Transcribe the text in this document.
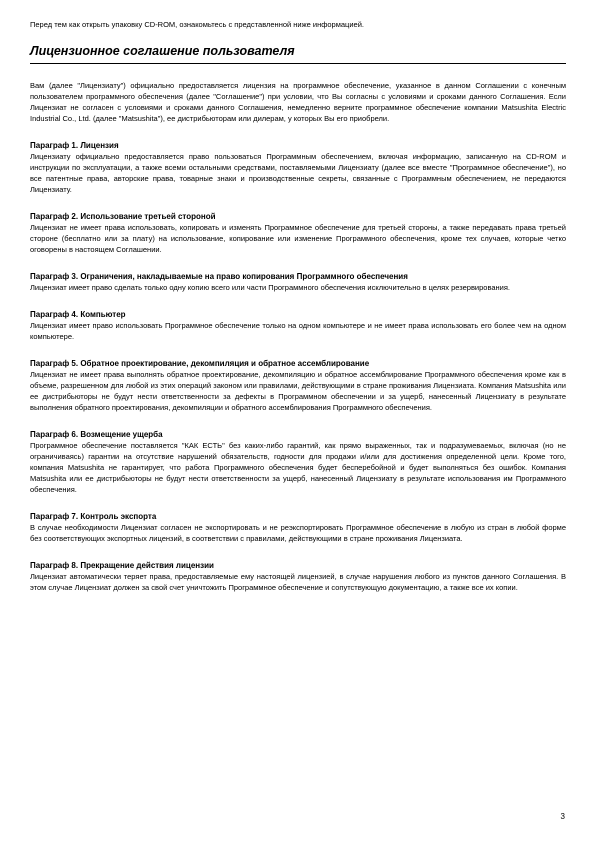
Перед тем как открыть упаковку CD-ROM, ознакомьтесь с представленной ниже информацией.

Лицензионное соглашение пользователя

Вам (далее "Лицензиату") официально предоставляется лицензия на программное обеспечение, указанное в данном Соглашении с конечным пользователем программного обеспечения (далее "Соглашение") при условии, что Вы согласны с условиями и сроками данного Соглашения. Если Лицензиат не согласен с условиями и сроками данного Соглашения, немедленно верните программное обеспечение компании Matsushita Electric Industrial Co., Ltd. (далее "Matsushita"), ее дистрибьюторам или дилерам, у которых Вы его приобрели.

Параграф 1. Лицензия

Лицензиату официально предоставляется право пользоваться Программным обеспечением, включая информацию, записанную на CD-ROM и инструкции по эксплуатации, а также всеми остальными средствами, поставляемыми Лицензиату (далее все вместе "Программное обеспечение"), но все патентные права, авторские права, товарные знаки и производственные секреты, связанные с Программным обеспечением, не передаются Лицензиату.

Параграф 2. Использование третьей стороной

Лицензиат не имеет права использовать, копировать и изменять Программное обеспечение для третьей стороны, а также передавать права третьей стороне (бесплатно или за плату) на использование, копирование или изменение Программного обеспечения, кроме тех случаев, которые четко оговорены в настоящем Соглашении.

Параграф 3. Ограничения, накладываемые на право копирования Программного обеспечения

Лицензиат имеет право сделать только одну копию всего или части Программного обеспечения исключительно в целях резервирования.

Параграф 4. Компьютер

Лицензиат имеет право использовать Программное обеспечение только на одном компьютере и не имеет права использовать его более чем на одном компьютере.

Параграф 5. Обратное проектирование, декомпиляция и обратное ассемблирование

Лицензиат не имеет права выполнять обратное проектирование, декомпиляцию и обратное ассемблирование Программного обеспечения кроме как в объеме, разрешенном для любой из этих операций законом или правилами, действующими в стране проживания Лицензиата. Компания Matsushita или ее дистрибьюторы не будут нести ответственности за дефекты в Программном обеспечении и за ущерб, нанесенный Лицензиату в результате выполнения обратного проектирования, декомпиляции и обратного ассемблирования Программного обеспечения.

Параграф 6. Возмещение ущерба

Программное обеспечение поставляется "КАК ЕСТЬ" без каких-либо гарантий, как прямо выраженных, так и подразумеваемых, включая (но не ограничиваясь) гарантии на отсутствие нарушений обязательств, годности для продажи и/или для достижения определенной цели. Кроме того, компания Matsushita не гарантирует, что работа Программного обеспечения будет бесперебойной и будет выполняться без ошибок. Компания Matsushita или ее дистрибьюторы не будут нести ответственности за ущерб, нанесенный Лицензиату в результате использования им Программного обеспечения.

Параграф 7. Контроль экспорта

В случае необходимости Лицензиат согласен не экспортировать и не реэкспортировать Программное обеспечение в любую из стран в любой форме без соответствующих экспортных лицензий, в соответствии с правилами, действующими в стране проживания Лицензиата.

Параграф 8. Прекращение действия лицензии

Лицензиат автоматически теряет права, предоставляемые ему настоящей лицензией, в случае нарушения любого из пунктов данного Соглашения. В этом случае Лицензиат должен за свой счет уничтожить Программное обеспечение и сопутствующую документацию, а также все их копии.

3
